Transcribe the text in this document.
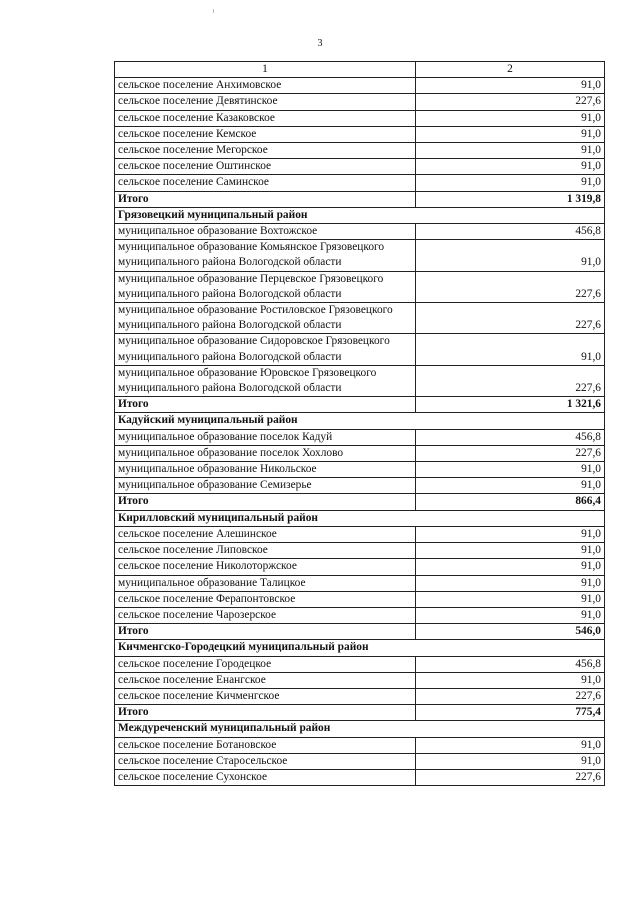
3
1	2
сельское поселение Анхимовское	91,0
сельское поселение Девятинское	227,6
сельское поселение Казаковское	91,0
сельское поселение Кемское	91,0
сельское поселение Мегорское	91,0
сельское поселение Оштинское	91,0
сельское поселение Саминское	91,0
Итого	1 319,8
Грязовецкий муниципальный район	
муниципальное образование Вохтожское	456,8
муниципальное образование Комьянское Грязовецкого муниципального района Вологодской области	91,0
муниципальное образование Перцевское Грязовецкого муниципального района Вологодской области	227,6
муниципальное образование Ростиловское Грязовецкого муниципального района Вологодской области	227,6
муниципальное образование Сидоровское Грязовецкого муниципального района Вологодской области	91,0
муниципальное образование Юровское Грязовецкого муниципального района Вологодской области	227,6
Итого	1 321,6
Кадуйский муниципальный район	
муниципальное образование поселок Кадуй	456,8
муниципальное образование поселок Хохлово	227,6
муниципальное образование Никольское	91,0
муниципальное образование Семизерье	91,0
Итого	866,4
Кирилловский муниципальный район	
сельское поселение Алешинское	91,0
сельское поселение Липовское	91,0
сельское поселение Николоторжское	91,0
муниципальное образование Талицкое	91,0
сельское поселение Ферапонтовское	91,0
сельское поселение Чарозерское	91,0
Итого	546,0
Кичменгско-Городецкий муниципальный район	
сельское поселение Городецкое	456,8
сельское поселение Енангское	91,0
сельское поселение Кичменгское	227,6
Итого	775,4
Междуреченский муниципальный район	
сельское поселение Ботановское	91,0
сельское поселение Старосельское	91,0
сельское поселение Сухонское	227,6
